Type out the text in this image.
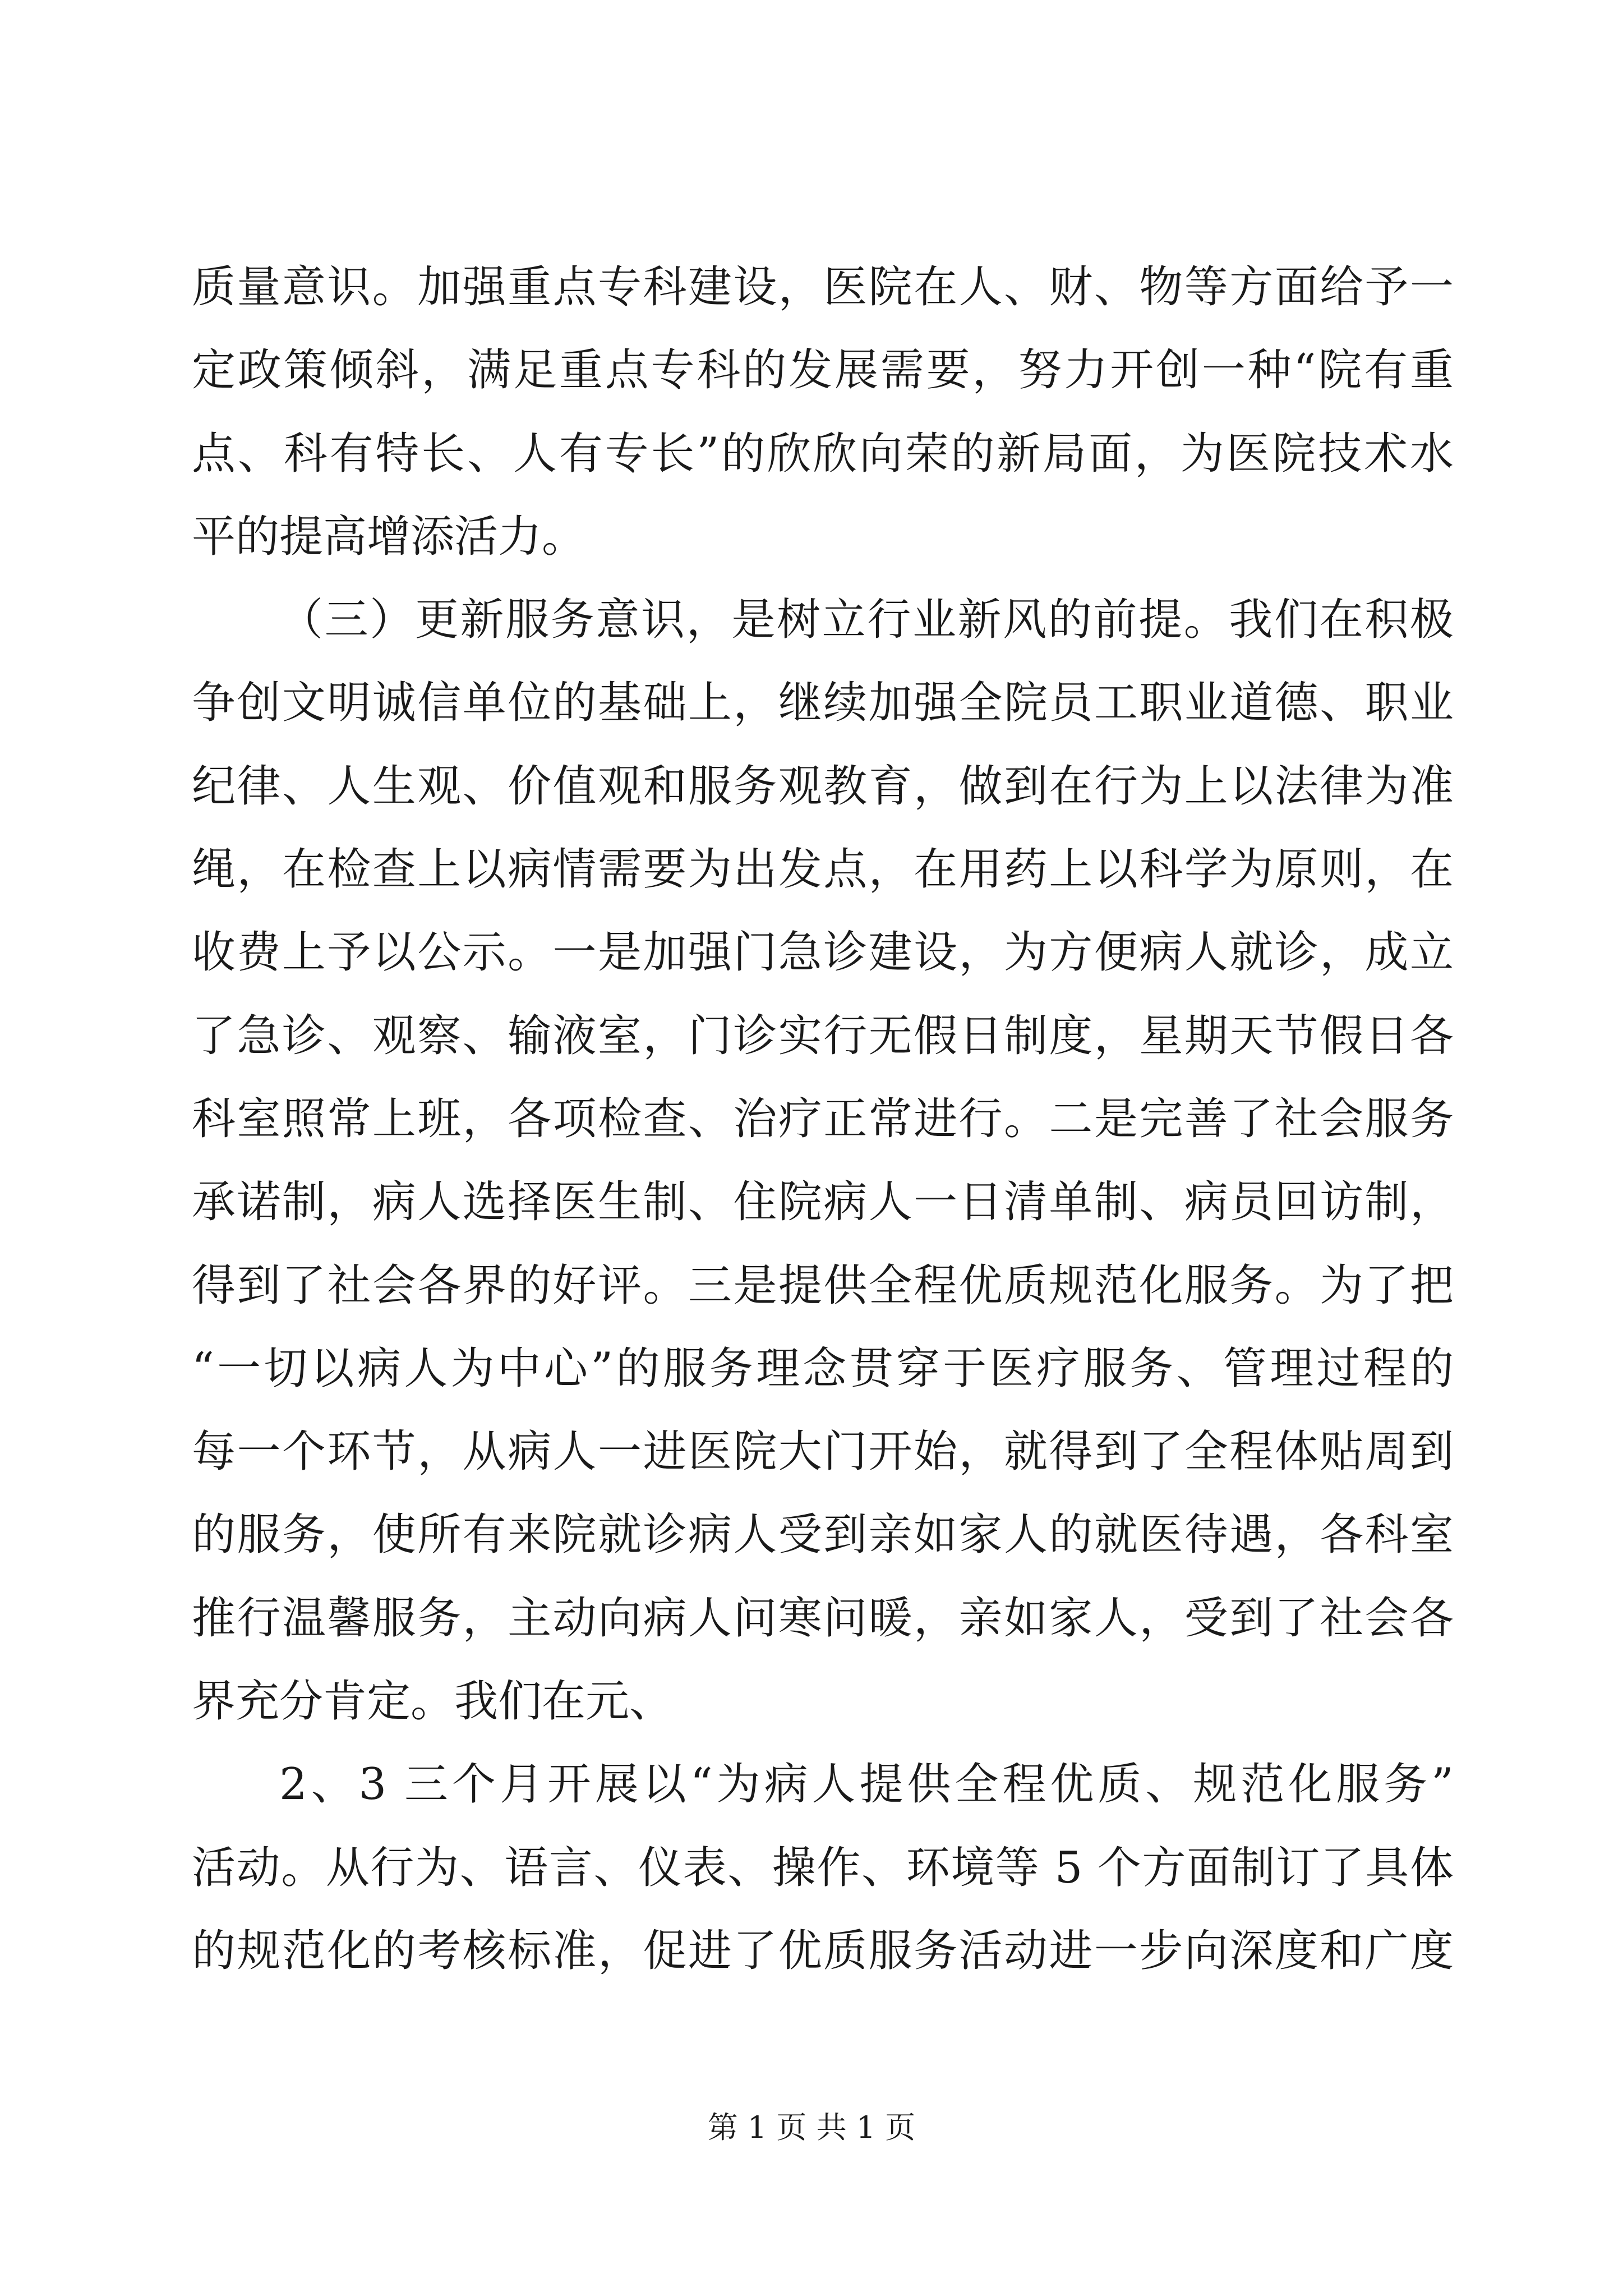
质量意识。加强重点专科建设，医院在人、财、物等方面给予一
定政策倾斜，满足重点专科的发展需要，努力开创一种“院有重
点、科有特长、人有专长”的欣欣向荣的新局面，为医院技术水
平的提高增添活力。
（三）更新服务意识，是树立行业新风的前提。我们在积极
争创文明诚信单位的基础上，继续加强全院员工职业道德、职业
纪律、人生观、价值观和服务观教育，做到在行为上以法律为准
绳，在检查上以病情需要为出发点，在用药上以科学为原则，在
收费上予以公示。一是加强门急诊建设，为方便病人就诊，成立
了急诊、观察、输液室，门诊实行无假日制度，星期天节假日各
科室照常上班，各项检查、治疗正常进行。二是完善了社会服务
承诺制，病人选择医生制、住院病人一日清单制、病员回访制，
得到了社会各界的好评。三是提供全程优质规范化服务。为了把
“一切以病人为中心”的服务理念贯穿于医疗服务、管理过程的
每一个环节，从病人一进医院大门开始，就得到了全程体贴周到
的服务，使所有来院就诊病人受到亲如家人的就医待遇，各科室
推行温馨服务，主动向病人问寒问暖，亲如家人，受到了社会各
界充分肯定。我们在元、
2、3 三个月开展以“为病人提供全程优质、规范化服务”
活动。从行为、语言、仪表、操作、环境等 5 个方面制订了具体
的规范化的考核标准，促进了优质服务活动进一步向深度和广度
第 1 页 共 1 页
